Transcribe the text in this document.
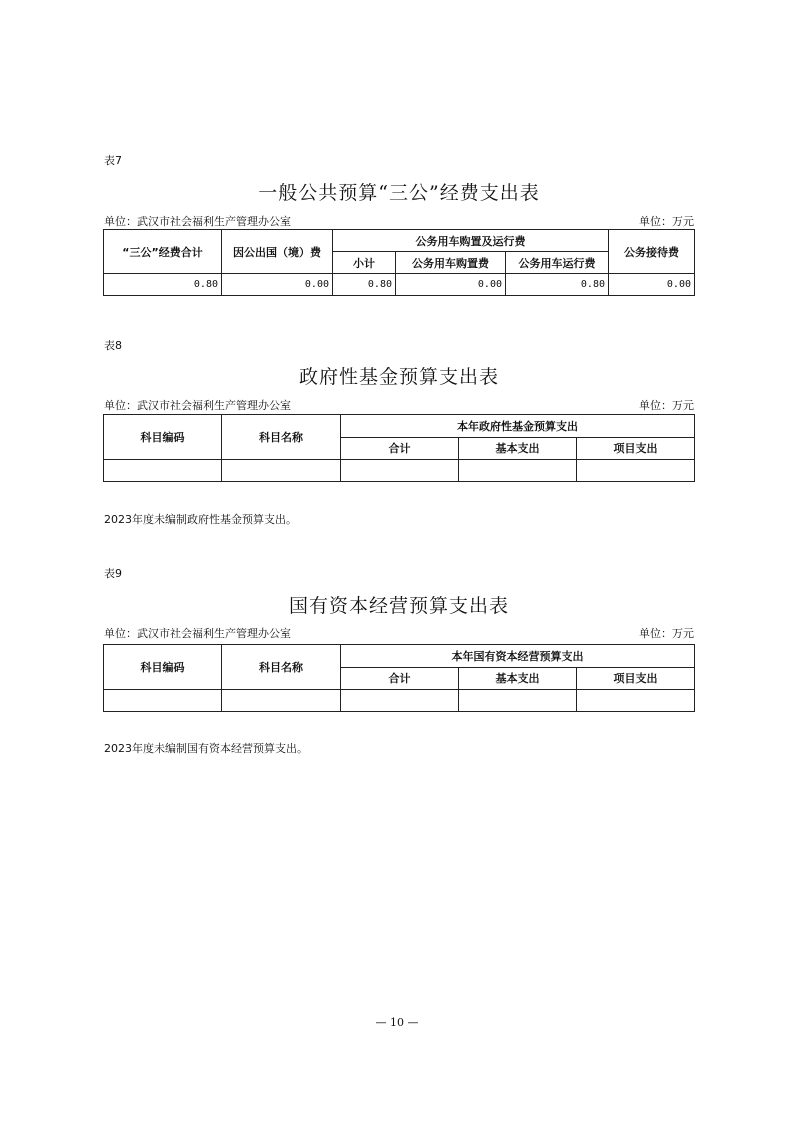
表7
一般公共预算“三公”经费支出表
单位：武汉市社会福利生产管理办公室	单位：万元
“三公”经费合计	因公出国（境）费	公务用车购置及运行费			公务接待费
		小计	公务用车购置费	公务用车运行费	
0.80	0.00	0.80	0.00	0.80	0.00
表8
政府性基金预算支出表
单位：武汉市社会福利生产管理办公室	单位：万元
科目编码	科目名称	本年政府性基金预算支出		
		合计	基本支出	项目支出

2023年度未编制政府性基金预算支出。
表9
国有资本经营预算支出表
单位：武汉市社会福利生产管理办公室	单位：万元
科目编码	科目名称	本年国有资本经营预算支出		
		合计	基本支出	项目支出

2023年度未编制国有资本经营预算支出。
— 10 —
